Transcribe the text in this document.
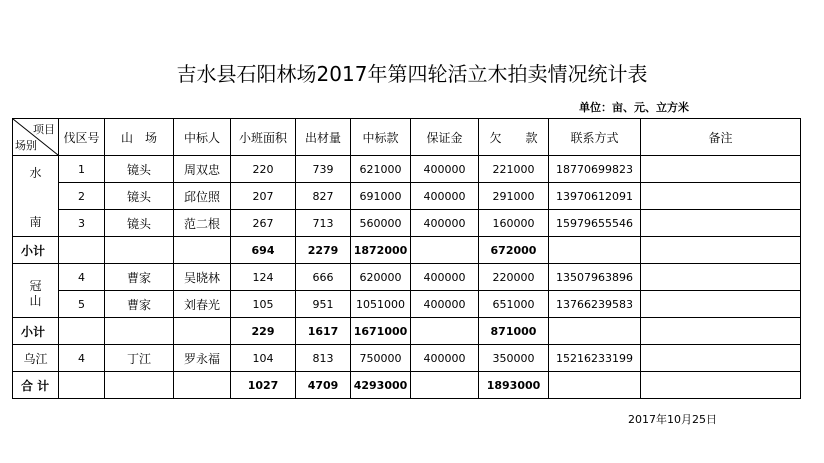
吉水县石阳林场2017年第四轮活立木拍卖情况统计表
单位：亩、元、立方米
项目
场别	伐区号	山　场	中标人	小班面积	出材量	中标款	保证金	欠　　款	联系方式	备注

水
南	1	镜头	周双忠	220	739	621000	400000	221000	18770699823	
	2	镜头	邱位照	207	827	691000	400000	291000	13970612091	
	3	镜头	范二根	267	713	560000	400000	160000	15979655546	
小计				694	2279	1872000		672000		

冠
山	4	曹家	吴晓林	124	666	620000	400000	220000	13507963896	
	5	曹家	刘春光	105	951	1051000	400000	651000	13766239583	
小计				229	1617	1671000		871000		
乌江	4	丁江	罗永福	104	813	750000	400000	350000	15216233199	
合 计				1027	4709	4293000		1893000		
2017年10月25日
